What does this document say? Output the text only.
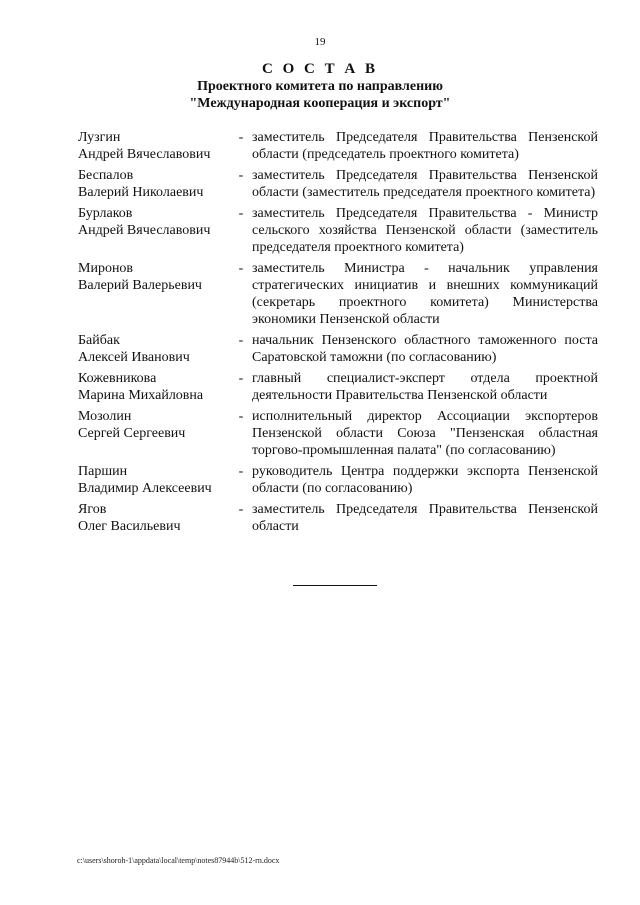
19
С О С Т А В
Проектного комитета по направлению
"Международная кооперация и экспорт"
Лузгин
Андрей Вячеславович
- заместитель Председателя Правительства Пензенской области (председатель проектного комитета)
Беспалов
Валерий Николаевич
- заместитель Председателя Правительства Пензенской области (заместитель председателя проектного комитета)
Бурлаков
Андрей Вячеславович
- заместитель Председателя Правительства - Министр сельского хозяйства Пензенской области (заместитель председателя проектного комитета)
Миронов
Валерий Валерьевич
- заместитель Министра - начальник управления стратегических инициатив и внешних коммуникаций (секретарь проектного комитета) Министерства экономики Пензенской области
Байбак
Алексей Иванович
- начальник Пензенского областного таможенного поста Саратовской таможни (по согласованию)
Кожевникова
Марина Михайловна
- главный специалист-эксперт отдела проектной деятельности Правительства Пензенской области
Мозолин
Сергей Сергеевич
- исполнительный директор Ассоциации экспортеров Пензенской области Союза "Пензенская областная торгово-промышленная палата" (по согласованию)
Паршин
Владимир Алексеевич
- руководитель Центра поддержки экспорта Пензенской области (по согласованию)
Ягов
Олег Васильевич
- заместитель Председателя Правительства Пензенской области
c:\users\shoroh-1\appdata\local\temp\notes87944b\512-rn.docx
